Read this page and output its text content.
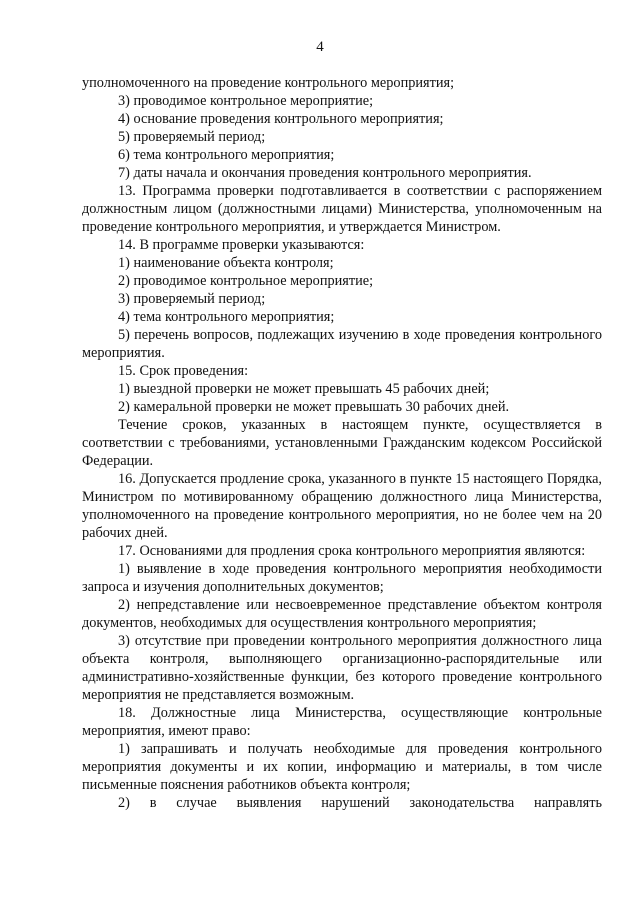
4

уполномоченного на проведение контрольного мероприятия;

3) проводимое контрольное мероприятие;

4) основание проведения контрольного мероприятия;

5) проверяемый период;

6) тема контрольного мероприятия;

7) даты начала и окончания проведения контрольного мероприятия.

13. Программа проверки подготавливается в соответствии с распоряжением должностным лицом (должностными лицами) Министерства, уполномоченным на проведение контрольного мероприятия, и утверждается Министром.

14. В программе проверки указываются:

1) наименование объекта контроля;

2) проводимое контрольное мероприятие;

3) проверяемый период;

4) тема контрольного мероприятия;

5) перечень вопросов, подлежащих изучению в ходе проведения контрольного мероприятия.

15. Срок проведения:

1) выездной проверки не может превышать 45 рабочих дней;

2) камеральной проверки не может превышать 30 рабочих дней.

Течение сроков, указанных в настоящем пункте, осуществляется в соответствии с требованиями, установленными Гражданским кодексом Российской Федерации.

16. Допускается продление срока, указанного в пункте 15 настоящего Порядка, Министром по мотивированному обращению должностного лица Министерства, уполномоченного на проведение контрольного мероприятия, но не более чем на 20 рабочих дней.

17. Основаниями для продления срока контрольного мероприятия являются:

1) выявление в ходе проведения контрольного мероприятия необходимости запроса и изучения дополнительных документов;

2) непредставление или несвоевременное представление объектом контроля документов, необходимых для осуществления контрольного мероприятия;

3) отсутствие при проведении контрольного мероприятия должностного лица объекта контроля, выполняющего организационно-распорядительные или административно-хозяйственные функции, без которого проведение контрольного мероприятия не представляется возможным.

18. Должностные лица Министерства, осуществляющие контрольные мероприятия, имеют право:

1) запрашивать и получать необходимые для проведения контрольного мероприятия документы и их копии, информацию и материалы, в том числе письменные пояснения работников объекта контроля;

2) в случае выявления нарушений законодательства направлять
